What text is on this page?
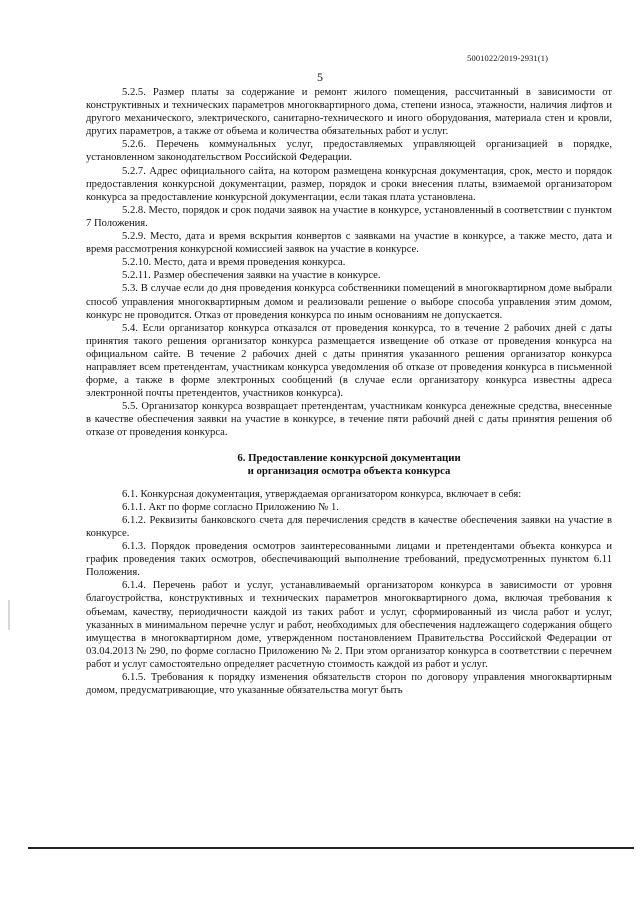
5001022/2019-2931(1)
5

5.2.5. Размер платы за содержание и ремонт жилого помещения, рассчитанный в зависимости от конструктивных и технических параметров многоквартирного дома, степени износа, этажности, наличия лифтов и другого механического, электрического, санитарно-технического и иного оборудования, материала стен и кровли, других параметров, а также от объема и количества обязательных работ и услуг.

5.2.6. Перечень коммунальных услуг, предоставляемых управляющей организацией в порядке, установленном законодательством Российской Федерации.

5.2.7. Адрес официального сайта, на котором размещена конкурсная документация, срок, место и порядок предоставления конкурсной документации, размер, порядок и сроки внесения платы, взимаемой организатором конкурса за предоставление конкурсной документации, если такая плата установлена.

5.2.8. Место, порядок и срок подачи заявок на участие в конкурсе, установленный в соответствии с пунктом 7 Положения.

5.2.9. Место, дата и время вскрытия конвертов с заявками на участие в конкурсе, а также место, дата и время рассмотрения конкурсной комиссией заявок на участие в конкурсе.

5.2.10. Место, дата и время проведения конкурса.

5.2.11. Размер обеспечения заявки на участие в конкурсе.

5.3. В случае если до дня проведения конкурса собственники помещений в многоквартирном доме выбрали способ управления многоквартирным домом и реализовали решение о выборе способа управления этим домом, конкурс не проводится. Отказ от проведения конкурса по иным основаниям не допускается.

5.4. Если организатор конкурса отказался от проведения конкурса, то в течение 2 рабочих дней с даты принятия такого решения организатор конкурса размещается извещение об отказе от проведения конкурса на официальном сайте. В течение 2 рабочих дней с даты принятия указанного решения организатор конкурса направляет всем претендентам, участникам конкурса уведомления об отказе от проведения конкурса в письменной форме, а также в форме электронных сообщений (в случае если организатору конкурса известны адреса электронной почты претендентов, участников конкурса).

5.5. Организатор конкурса возвращает претендентам, участникам конкурса денежные средства, внесенные в качестве обеспечения заявки на участие в конкурсе, в течение пяти рабочий дней с даты принятия решения об отказе от проведения конкурса.

6. Предоставление конкурсной документации
и организация осмотра объекта конкурса

6.1. Конкурсная документация, утверждаемая организатором конкурса, включает в себя:

6.1.1. Акт по форме согласно Приложению № 1.

6.1.2. Реквизиты банковского счета для перечисления средств в качестве обеспечения заявки на участие в конкурсе.

6.1.3. Порядок проведения осмотров заинтересованными лицами и претендентами объекта конкурса и график проведения таких осмотров, обеспечивающий выполнение требований, предусмотренных пунктом 6.11 Положения.

6.1.4. Перечень работ и услуг, устанавливаемый организатором конкурса в зависимости от уровня благоустройства, конструктивных и технических параметров многоквартирного дома, включая требования к объемам, качеству, периодичности каждой из таких работ и услуг, сформированный из числа работ и услуг, указанных в минимальном перечне услуг и работ, необходимых для обеспечения надлежащего содержания общего имущества в многоквартирном доме, утвержденном постановлением Правительства Российской Федерации от 03.04.2013 № 290, по форме согласно Приложению № 2. При этом организатор конкурса в соответствии с перечнем работ и услуг самостоятельно определяет расчетную стоимость каждой из работ и услуг.

6.1.5. Требования к порядку изменения обязательств сторон по договору управления многоквартирным домом, предусматривающие, что указанные обязательства могут быть
